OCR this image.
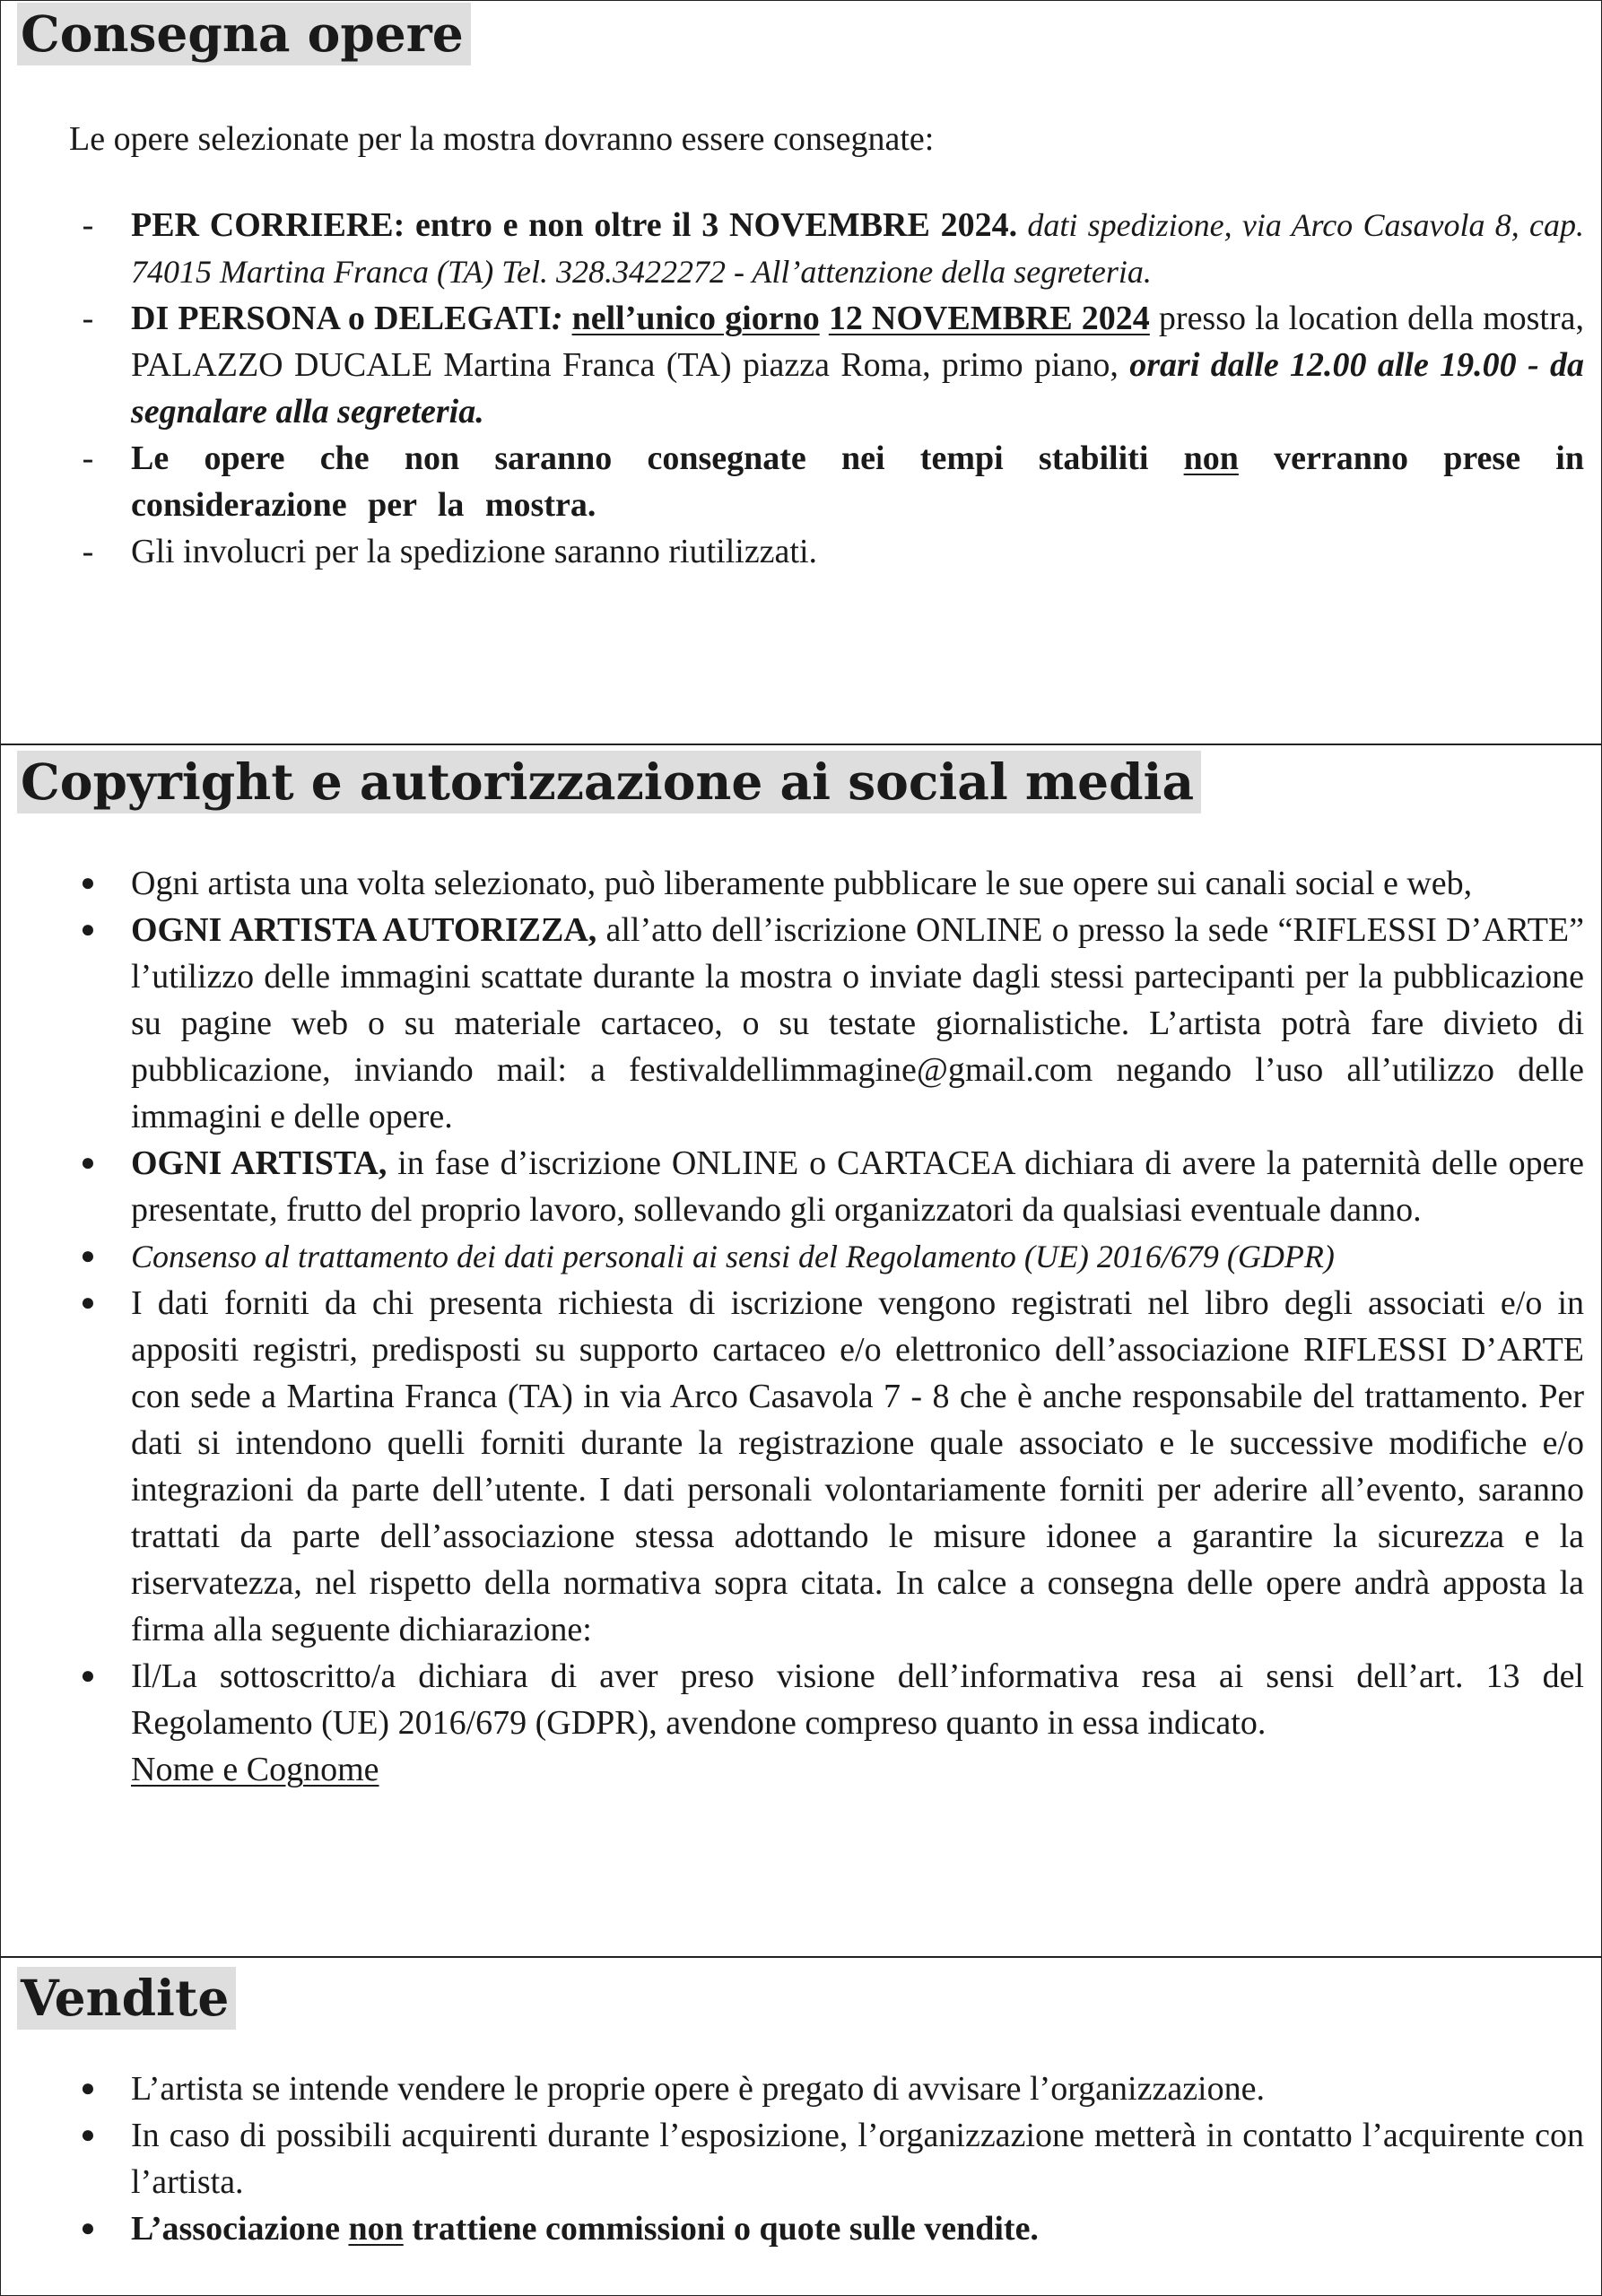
Consegna opere
Le opere selezionate per la mostra dovranno essere consegnate:
- PER CORRIERE: entro e non oltre il 3 NOVEMBRE 2024. dati spedizione, via Arco Casavola 8, cap. 74015 Martina Franca (TA) Tel. 328.3422272 - All’attenzione della segreteria.
- DI PERSONA o DELEGATI: nell’unico giorno 12 NOVEMBRE 2024 presso la location della mostra, PALAZZO DUCALE Martina Franca (TA) piazza Roma, primo piano, orari dalle 12.00 alle 19.00 - da segnalare alla segreteria.
- Le opere che non saranno consegnate nei tempi stabiliti non verranno prese in considerazione per la mostra.
- Gli involucri per la spedizione saranno riutilizzati.
Copyright e autorizzazione ai social media
● Ogni artista una volta selezionato, può liberamente pubblicare le sue opere sui canali social e web,
● OGNI ARTISTA AUTORIZZA, all’atto dell’iscrizione ONLINE o presso la sede “RIFLESSI D’ARTE” l’utilizzo delle immagini scattate durante la mostra o inviate dagli stessi partecipanti per la pubblicazione su pagine web o su materiale cartaceo, o su testate giornalistiche. L’artista potrà fare divieto di pubblicazione, inviando mail: a festivaldellimmagine@gmail.com negando l’uso all’utilizzo delle immagini e delle opere.
● OGNI ARTISTA, in fase d’iscrizione ONLINE o CARTACEA dichiara di avere la paternità delle opere presentate, frutto del proprio lavoro, sollevando gli organizzatori da qualsiasi eventuale danno.
● Consenso al trattamento dei dati personali ai sensi del Regolamento (UE) 2016/679 (GDPR)
● I dati forniti da chi presenta richiesta di iscrizione vengono registrati nel libro degli associati e/o in appositi registri, predisposti su supporto cartaceo e/o elettronico dell’associazione RIFLESSI D’ARTE con sede a Martina Franca (TA) in via Arco Casavola 7 - 8 che è anche responsabile del trattamento. Per dati si intendono quelli forniti durante la registrazione quale associato e le successive modifiche e/o integrazioni da parte dell’utente. I dati personali volontariamente forniti per aderire all’evento, saranno trattati da parte dell’associazione stessa adottando le misure idonee a garantire la sicurezza e la riservatezza, nel rispetto della normativa sopra citata. In calce a consegna delle opere andrà apposta la firma alla seguente dichiarazione:
● Il/La sottoscritto/a dichiara di aver preso visione dell’informativa resa ai sensi dell’art. 13 del Regolamento (UE) 2016/679 (GDPR), avendone compreso quanto in essa indicato.
Nome e Cognome
Vendite
● L’artista se intende vendere le proprie opere è pregato di avvisare l’organizzazione.
● In caso di possibili acquirenti durante l’esposizione, l’organizzazione metterà in contatto l’acquirente con l’artista.
● L’associazione non trattiene commissioni o quote sulle vendite.
